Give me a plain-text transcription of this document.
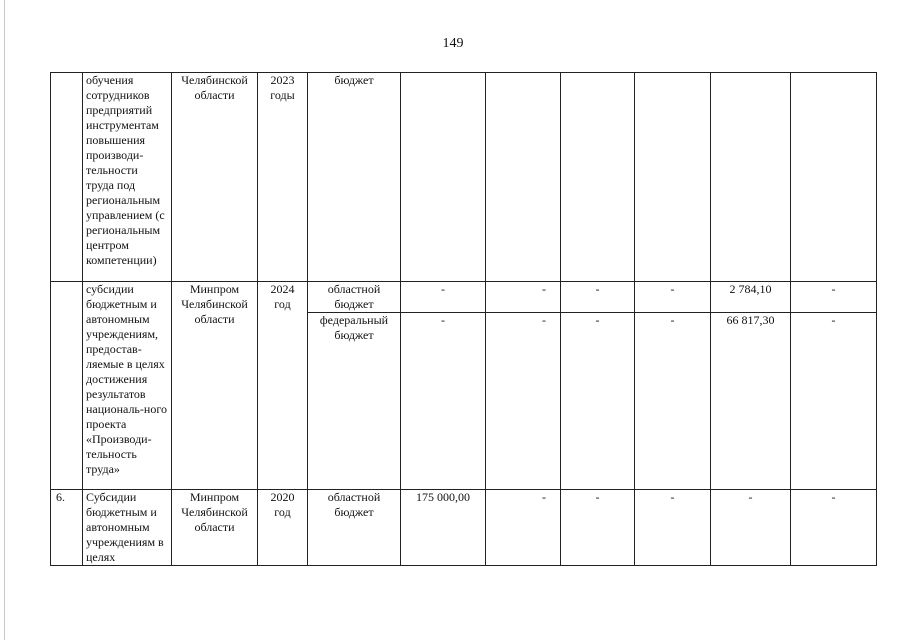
149
	обучения сотрудников предприятий инструментам повышения производи-тельности труда под региональным управлением (с региональным центром компетенции)	Челябинской области	2023 годы	бюджет						
	субсидии бюджетным и автономным учреждениям, предостав-ляемые в целях достижения результатов националь-ного проекта «Производи-тельность труда»	Минпром Челябинской области	2024 год	областной бюджет	-	-	-	-	2 784,10	-
				федеральный бюджет	-	-	-	-	66 817,30	-
6.	Субсидии бюджетным и автономным учреждениям в целях	Минпром Челябинской области	2020 год	областной бюджет	175 000,00	-	-	-	-	-
